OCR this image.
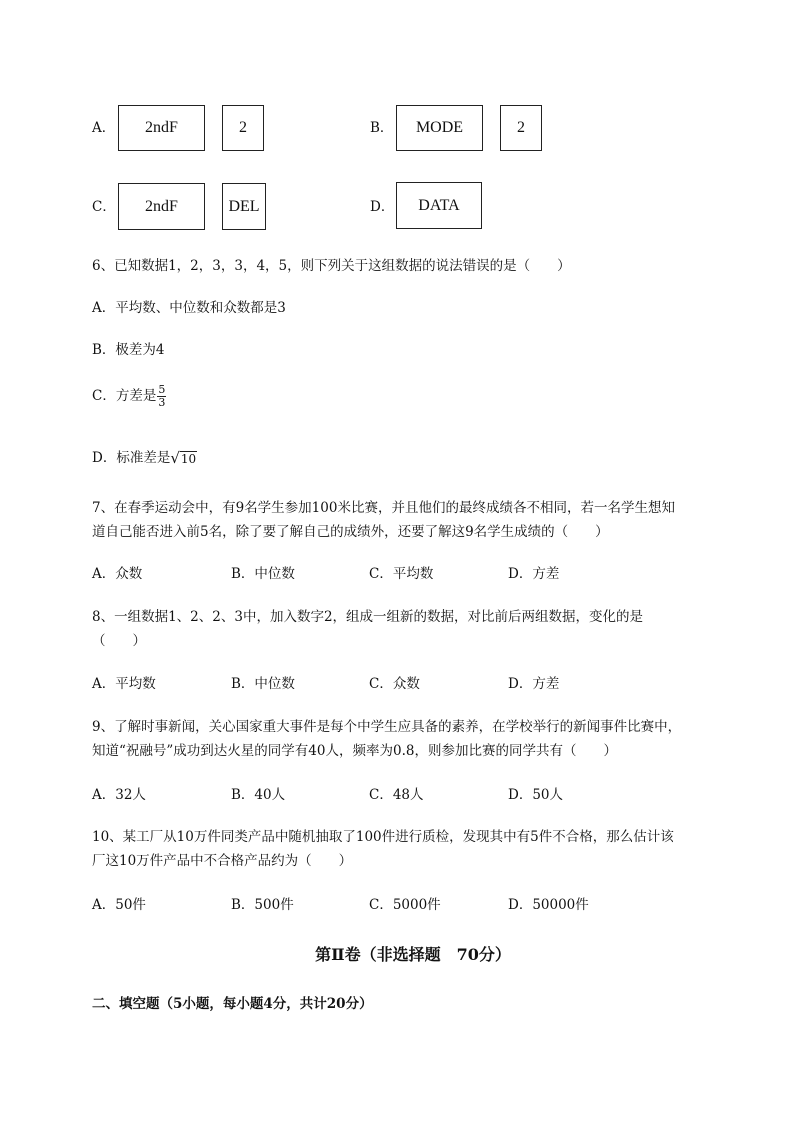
A．	2ndF	2	B．	MODE	2
C．	2ndF	DEL	D．	DATA
6、已知数据1，2，3，3，4，5，则下列关于这组数据的说法错误的是（　　）
A．平均数、中位数和众数都是3
B．极差为4
C．方差是 $\frac{5}{3}$
D．标准差是√10
7、在春季运动会中，有9名学生参加100米比赛，并且他们的最终成绩各不相同，若一名学生想知
道自己能否进入前5名，除了要了解自己的成绩外，还要了解这9名学生成绩的（　　）
A．众数	B．中位数	C．平均数	D．方差
8、一组数据1、2、2、3中，加入数字2，组成一组新的数据，对比前后两组数据，变化的是
（　　）
A．平均数	B．中位数	C．众数	D．方差
9、了解时事新闻，关心国家重大事件是每个中学生应具备的素养，在学校举行的新闻事件比赛中，
知道“祝融号”成功到达火星的同学有40人，频率为0.8，则参加比赛的同学共有（　　）
A．32人	B．40人	C．48人	D．50人
10、某工厂从10万件同类产品中随机抽取了100件进行质检，发现其中有5件不合格，那么估计该
厂这10万件产品中不合格产品约为（　　）
A．50件	B．500件	C．5000件	D．50000件
第Ⅱ卷（非选择题　70分）
二、填空题（5小题，每小题4分，共计20分）
